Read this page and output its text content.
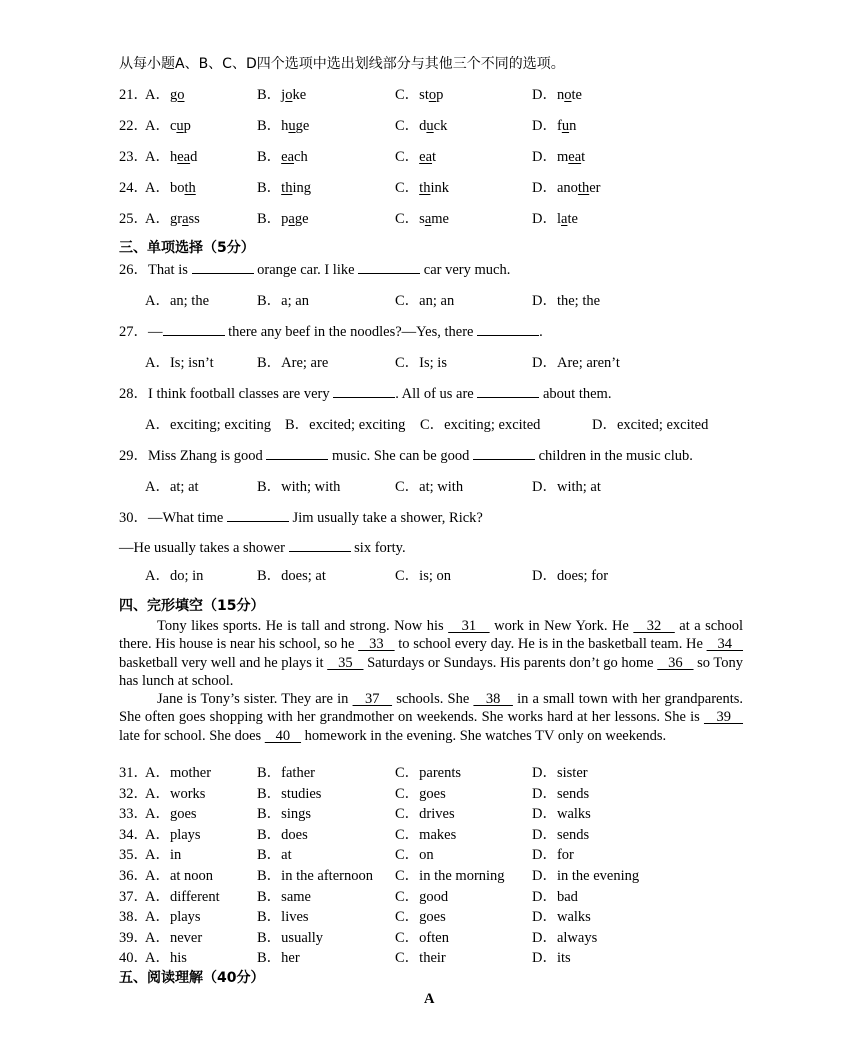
从每小题A、B、C、D四个选项中选出划线部分与其他三个不同的选项。
21．
A．go	B．joke	C．stop	D．note
22．
A．cup	B．huge	C．duck	D．fun
23．
A．head	B．each	C．eat	D．meat
24．
A．both	B．thing	C．think	D．another
25．
A．grass	B．page	C．same	D．late
三、单项选择（5分）
26．That is	orange car. I like	car very much.
A．an; the	B．a; an	C．an; an	D．the; the
27．—	there any beef in the noodles?—Yes, there	.
A．Is; isn’t	B．Are; are	C．Is; is	D．Are; aren’t
28．I think football classes are very	. All of us are	about them.
A．exciting; exciting B．excited; exciting C．exciting; excited	D．excited; excited
29．Miss Zhang is good	music. She can be good	children in the music club.
A．at; at	B．with; with	C．at; with	D．with; at
30．—What time	Jim usually take a shower, Rick?
—He usually takes a shower	six forty.
A．do; in	B．does; at	C．is; on	D．does; for
四、完形填空（15分）

Tony likes sports. He is tall and strong. Now his    31    work in New York. He    32    at a school there. His house is near his school, so he    33    to school every day. He is in the basketball team. He    34    basketball very well and he plays it    35    Saturdays or Sundays. His parents don’t go home    36    so Tony has lunch at school.

Jane is Tony’s sister. They are in    37    schools. She    38    in a small town with her grandparents. She often goes shopping with her grandmother on weekends. She works hard at her lessons. She is    39    late for school. She does    40    homework in the evening. She watches TV only on weekends.

31．
A．mother	B．father	C．parents	D．sister
32．
A．works	B．studies	C．goes	D．sends
33．
A．goes	B．sings	C．drives	D．walks
34．
A．plays	B．does	C．makes	D．sends
35．
A．in	B．at	C．on	D．for
36．
A．at noon	B．in the afternoon C．in the morning D．in the evening
37．
A．different	B．same	C．good	D．bad
38．
A．plays	B．lives	C．goes	D．walks
39．
A．never	B．usually	C．often	D．always
40．
A．his	B．her	C．their	D．its
五、阅读理解（40分）
A
